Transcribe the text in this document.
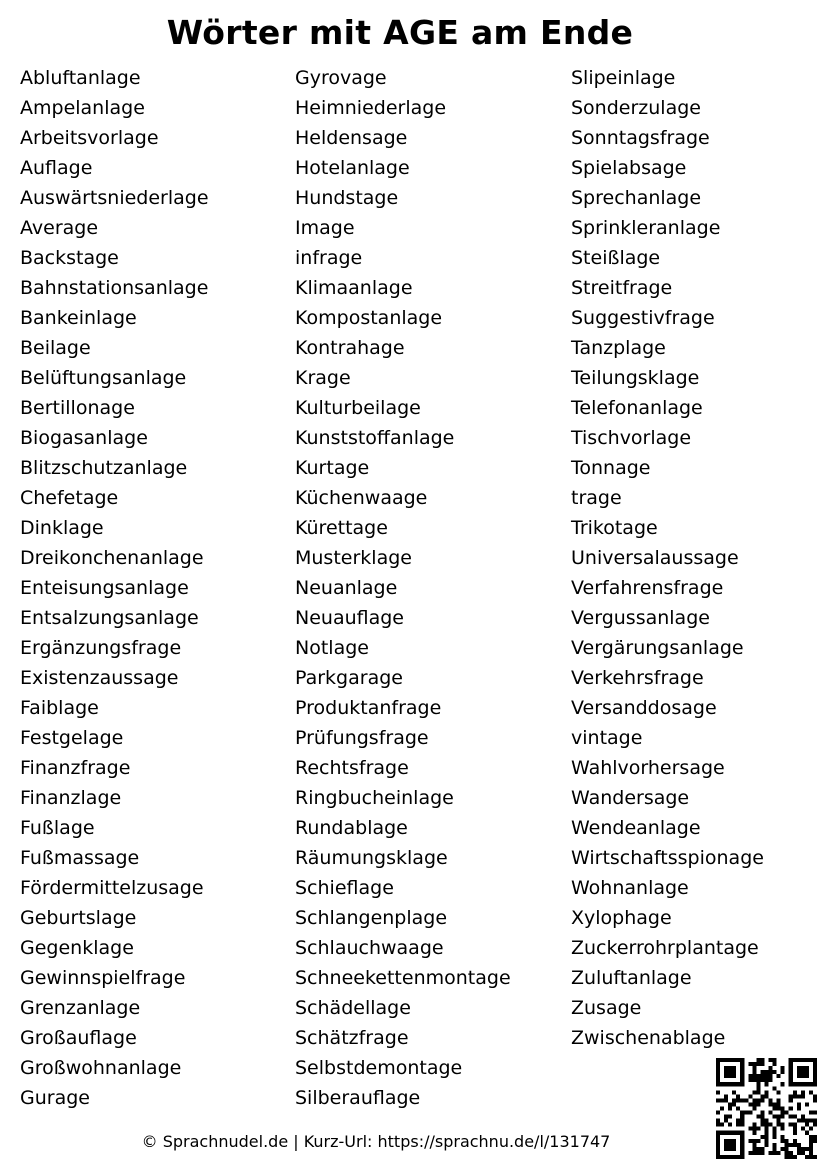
Wörter mit AGE am Ende
Abluftanlage
Ampelanlage
Arbeitsvorlage
Auflage
Auswärtsniederlage
Average
Backstage
Bahnstationsanlage
Bankeinlage
Beilage
Belüftungsanlage
Bertillonage
Biogasanlage
Blitzschutzanlage
Chefetage
Dinklage
Dreikonchenanlage
Enteisungsanlage
Entsalzungsanlage
Ergänzungsfrage
Existenzaussage
Faiblage
Festgelage
Finanzfrage
Finanzlage
Fußlage
Fußmassage
Fördermittelzusage
Geburtslage
Gegenklage
Gewinnspielfrage
Grenzanlage
Großauflage
Großwohnanlage
Gurage
Gyrovage
Heimniederlage
Heldensage
Hotelanlage
Hundstage
Image
infrage
Klimaanlage
Kompostanlage
Kontrahage
Krage
Kulturbeilage
Kunststoffanlage
Kurtage
Küchenwaage
Kürettage
Musterklage
Neuanlage
Neuauflage
Notlage
Parkgarage
Produktanfrage
Prüfungsfrage
Rechtsfrage
Ringbucheinlage
Rundablage
Räumungsklage
Schieflage
Schlangenplage
Schlauchwaage
Schneekettenmontage
Schädellage
Schätzfrage
Selbstdemontage
Silberauflage
Slipeinlage
Sonderzulage
Sonntagsfrage
Spielabsage
Sprechanlage
Sprinkleranlage
Steißlage
Streitfrage
Suggestivfrage
Tanzplage
Teilungsklage
Telefonanlage
Tischvorlage
Tonnage
trage
Trikotage
Universalaussage
Verfahrensfrage
Vergussanlage
Vergärungsanlage
Verkehrsfrage
Versanddosage
vintage
Wahlvorhersage
Wandersage
Wendeanlage
Wirtschaftsspionage
Wohnanlage
Xylophage
Zuckerrohrplantage
Zuluftanlage
Zusage
Zwischenablage
© Sprachnudel.de | Kurz-Url: https://sprachnu.de/l/131747
